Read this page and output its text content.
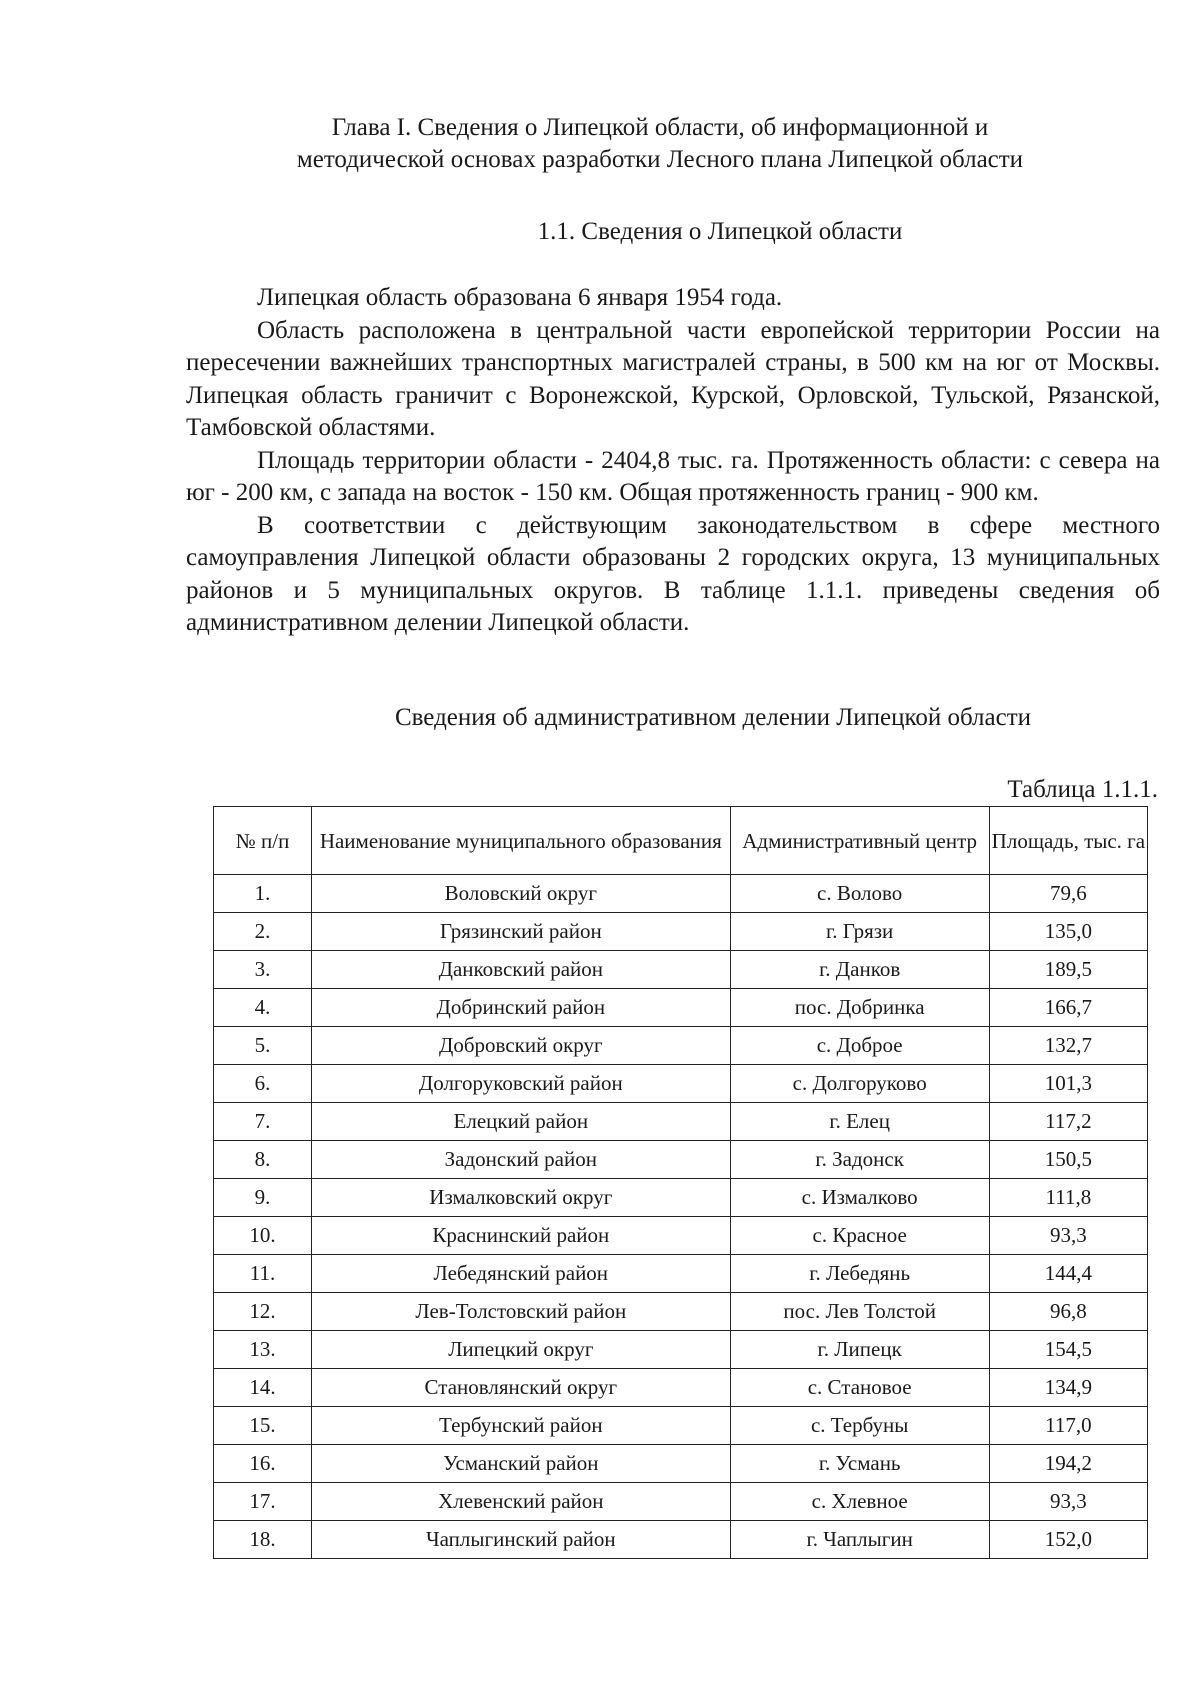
Глава I. Сведения о Липецкой области, об информационной и
методической основах разработки Лесного плана Липецкой области
1.1. Сведения о Липецкой области

Липецкая область образована 6 января 1954 года.

Область расположена в центральной части европейской территории России на пересечении важнейших транспортных магистралей страны, в 500 км на юг от Москвы. Липецкая область граничит с Воронежской, Курской, Орловской, Тульской, Рязанской, Тамбовской областями.

Площадь территории области - 2404,8 тыс. га. Протяженность области: с севера на юг - 200 км, с запада на восток - 150 км. Общая протяженность границ - 900 км.

В соответствии с действующим законодательством в сфере местного самоуправления Липецкой области образованы 2 городских округа, 13 муниципальных районов и 5 муниципальных округов. В таблице 1.1.1. приведены сведения об административном делении Липецкой области.

Сведения об административном делении Липецкой области
Таблица 1.1.1.
№ п/п	Наименование муниципального образования	Административный центр	Площадь, тыс. га
1.	Воловский округ	с. Волово	79,6
2.	Грязинский район	г. Грязи	135,0
3.	Данковский район	г. Данков	189,5
4.	Добринский район	пос. Добринка	166,7
5.	Добровский округ	с. Доброе	132,7
6.	Долгоруковский район	с. Долгоруково	101,3
7.	Елецкий район	г. Елец	117,2
8.	Задонский район	г. Задонск	150,5
9.	Измалковский округ	с. Измалково	111,8
10.	Краснинский район	с. Красное	93,3
11.	Лебедянский район	г. Лебедянь	144,4
12.	Лев-Толстовский район	пос. Лев Толстой	96,8
13.	Липецкий округ	г. Липецк	154,5
14.	Становлянский округ	с. Становое	134,9
15.	Тербунский район	с. Тербуны	117,0
16.	Усманский район	г. Усмань	194,2
17.	Хлевенский район	с. Хлевное	93,3
18.	Чаплыгинский район	г. Чаплыгин	152,0
